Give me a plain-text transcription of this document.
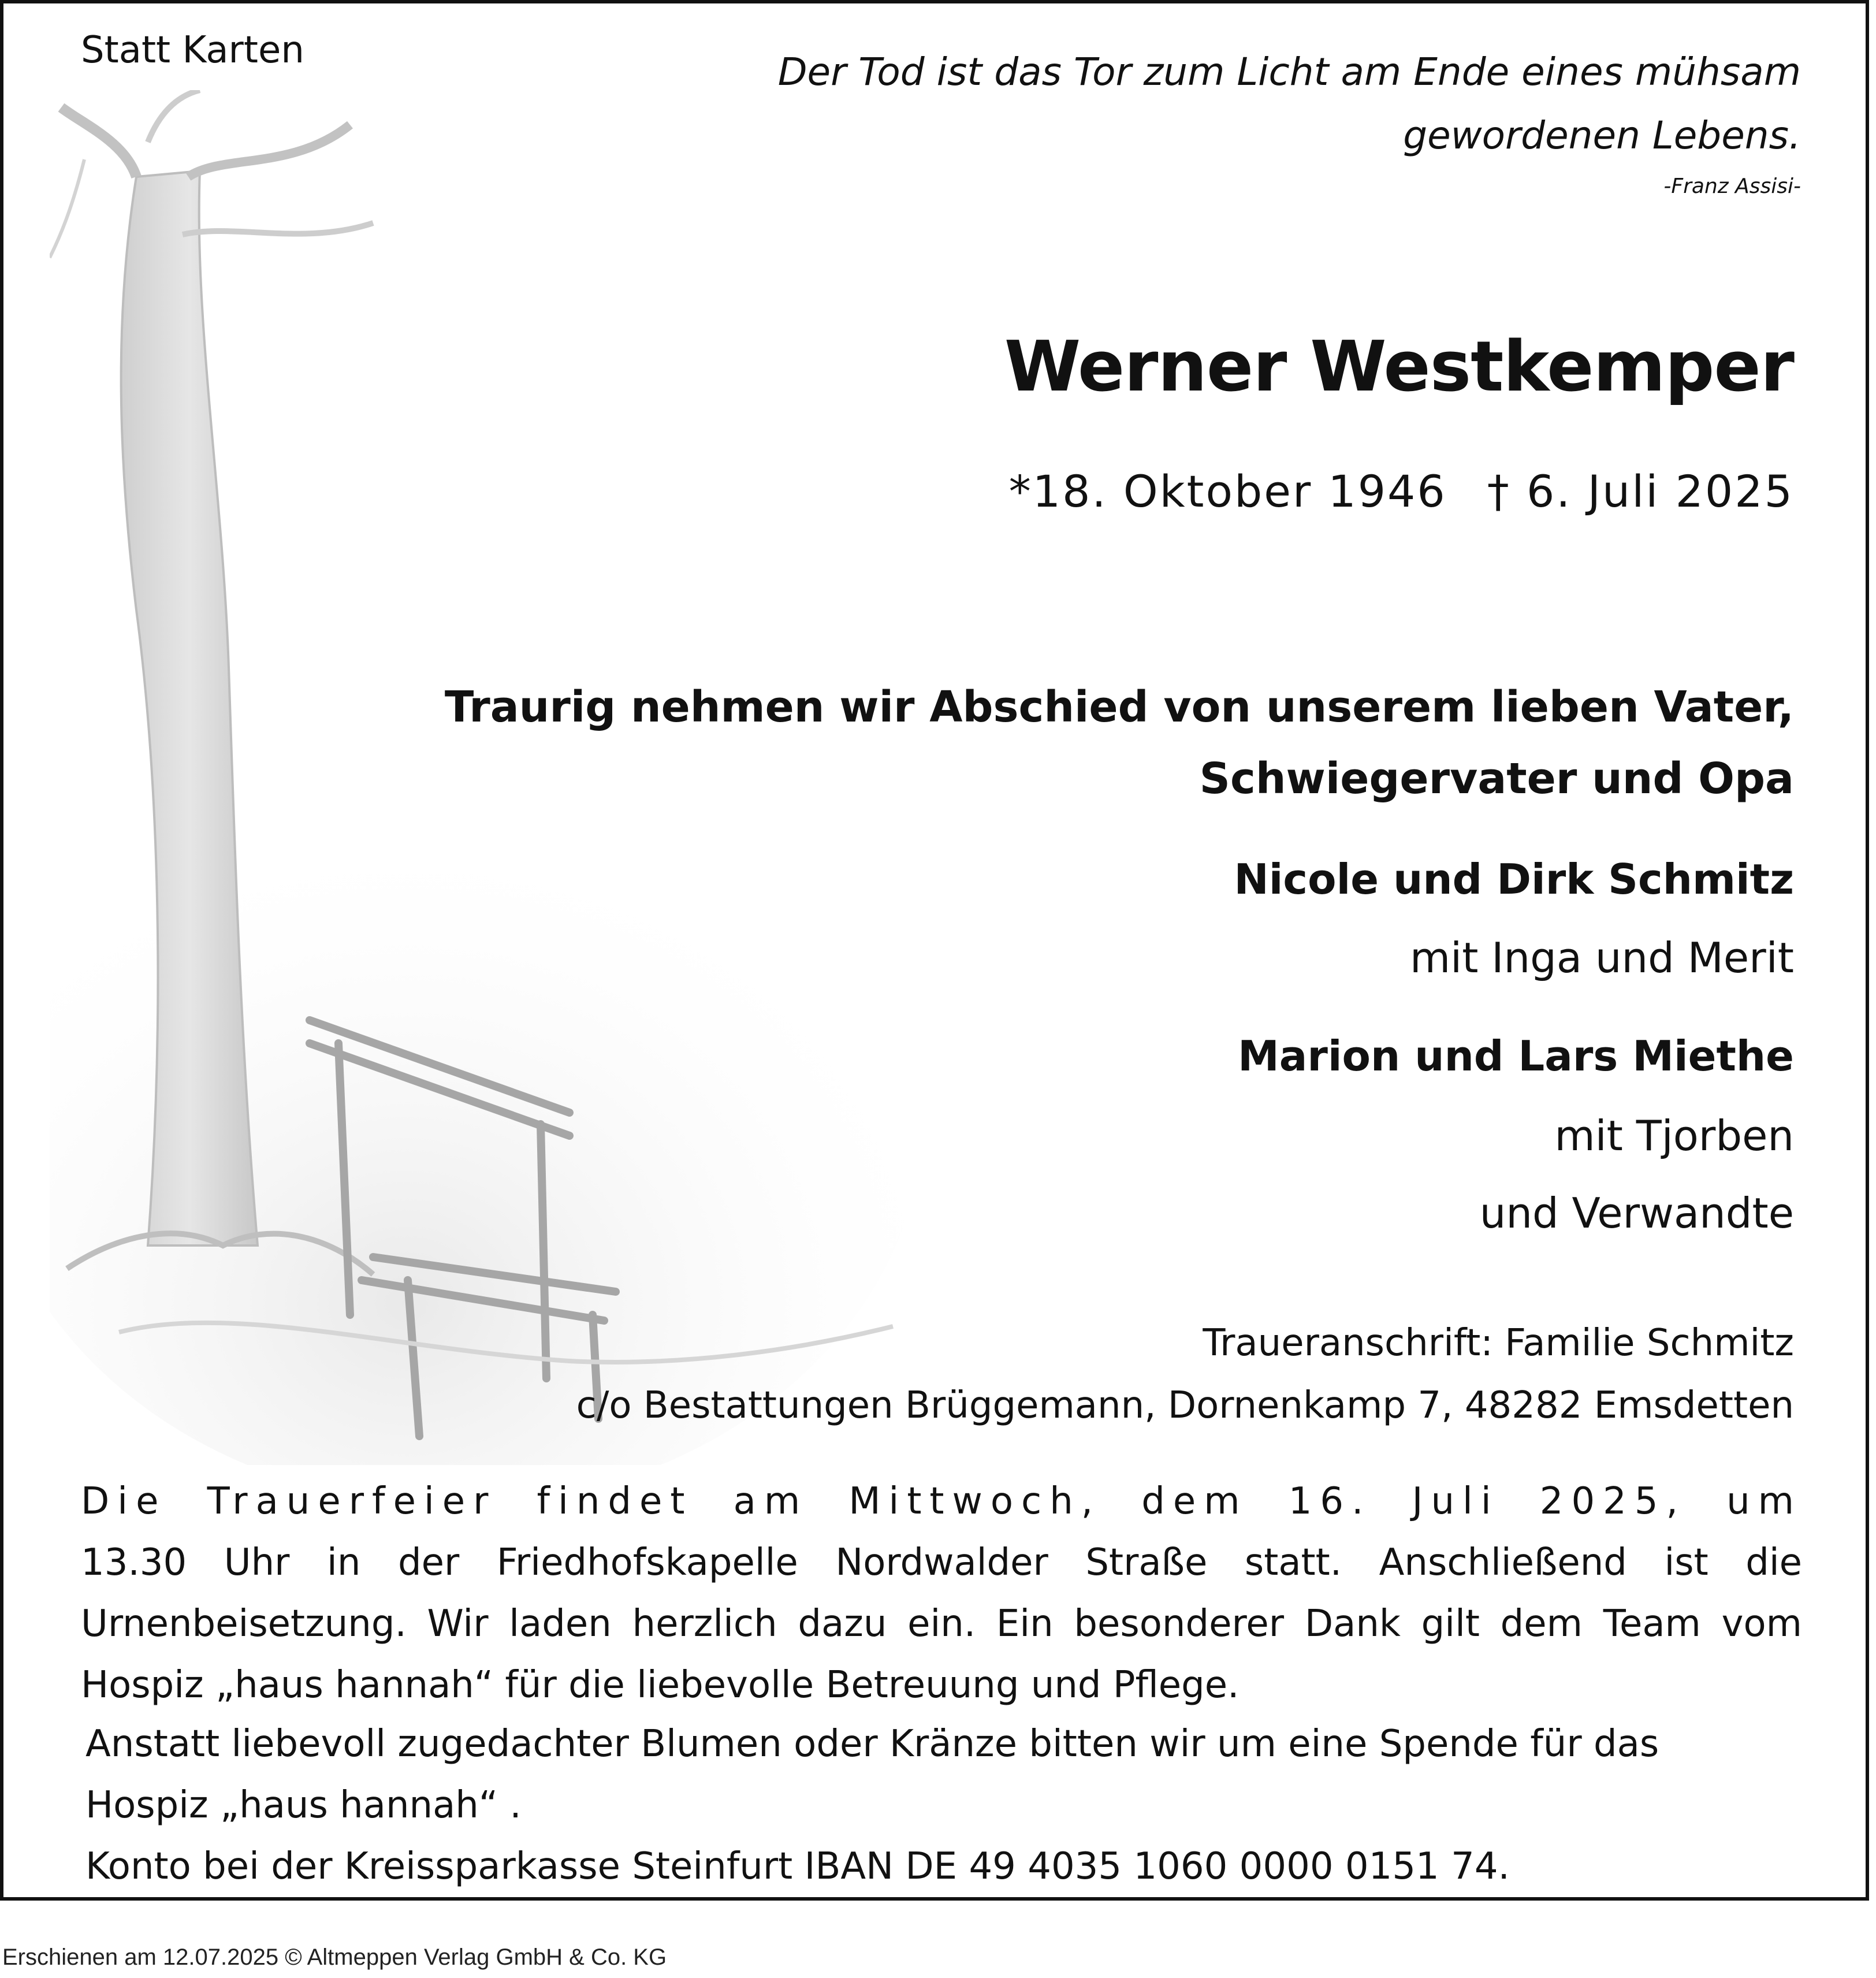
Statt Karten	Der Tod ist das Tor zum Licht am Ende eines mühsam gewordenen Lebens.
-Franz Assisi-
Werner Westkemper
*18. Oktober 1946 † 6. Juli 2025
Traurig nehmen wir Abschied von unserem lieben Vater,
Schwiegervater und Opa
Nicole und Dirk Schmitz
mit Inga und Merit
Marion und Lars Miethe
mit Tjorben
und Verwandte
Traueranschrift: Familie Schmitz
c/o Bestattungen Brüggemann, Dornenkamp 7, 48282 Emsdetten
Die Trauerfeier findet am Mittwoch, dem 16. Juli 2025, um
13.30 Uhr in der Friedhofskapelle Nordwalder Straße statt. Anschließend ist die
Urnenbeisetzung. Wir laden herzlich dazu ein. Ein besonderer Dank gilt dem Team vom
Hospiz „haus hannah“ für die liebevolle Betreuung und Pflege.
Anstatt liebevoll zugedachter Blumen oder Kränze bitten wir um eine Spende für das
Hospiz „haus hannah“ .
Konto bei der Kreissparkasse Steinfurt IBAN DE 49 4035 1060 0000 0151 74.
Erschienen am 12.07.2025 © Altmeppen Verlag GmbH & Co. KG
